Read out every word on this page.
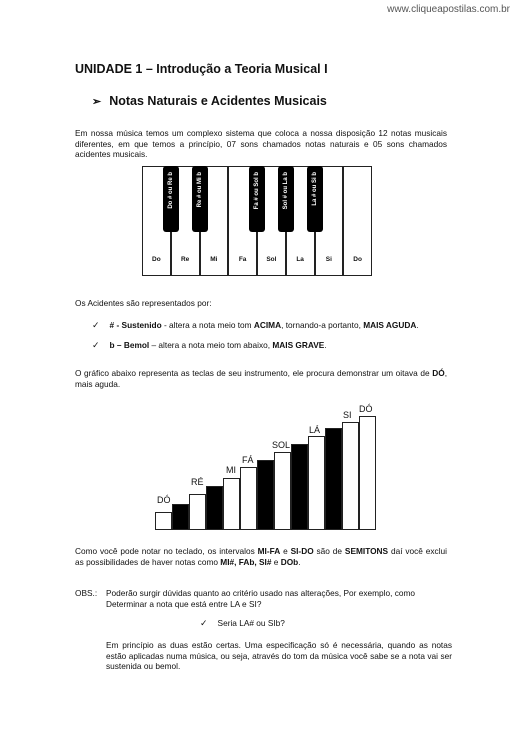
www.cliqueapostilas.com.br
UNIDADE 1 – Introdução a Teoria Musical I
➢ Notas Naturais e Acidentes Musicais
Em nossa música temos um complexo sistema que coloca a nossa disposição 12 notas musicais diferentes, em que temos a princípio, 07 sons chamados notas naturais e 05 sons chamados acidentes musicais.
Do	Re	Mi	Fa	Sol	La	Si	Do
Do # ou Re b	Re # ou Mi b	Fa # ou Sol b	Sol # ou La b	La # ou Si b
Os Acidentes são representados por:
✓ # - Sustenido - altera a nota meio tom ACIMA, tornando-a portanto, MAIS AGUDA.
✓ b – Bemol – altera a nota meio tom abaixo, MAIS GRAVE.
O gráfico abaixo representa as teclas de seu instrumento, ele procura demonstrar um oitava de DÓ, mais aguda.
DÓ
RÉ
MI
FÁ
SOL
LÁ
SI
DÓ
Como você pode notar no teclado, os intervalos MI-FA e SI-DO são de SEMITONS daí você exclui as possibilidades de haver notas como MI#, FAb, SI# e DOb.
OBS.: Poderão surgir dúvidas quanto ao critério usado nas alterações, Por exemplo, como
Determinar a nota que está entre LA e SI?
✓ Seria LA# ou SIb?
Em princípio as duas estão certas. Uma especificação só é necessária, quando as notas estão aplicadas numa música, ou seja, através do tom da música você sabe se a nota vai ser sustenida ou bemol.
